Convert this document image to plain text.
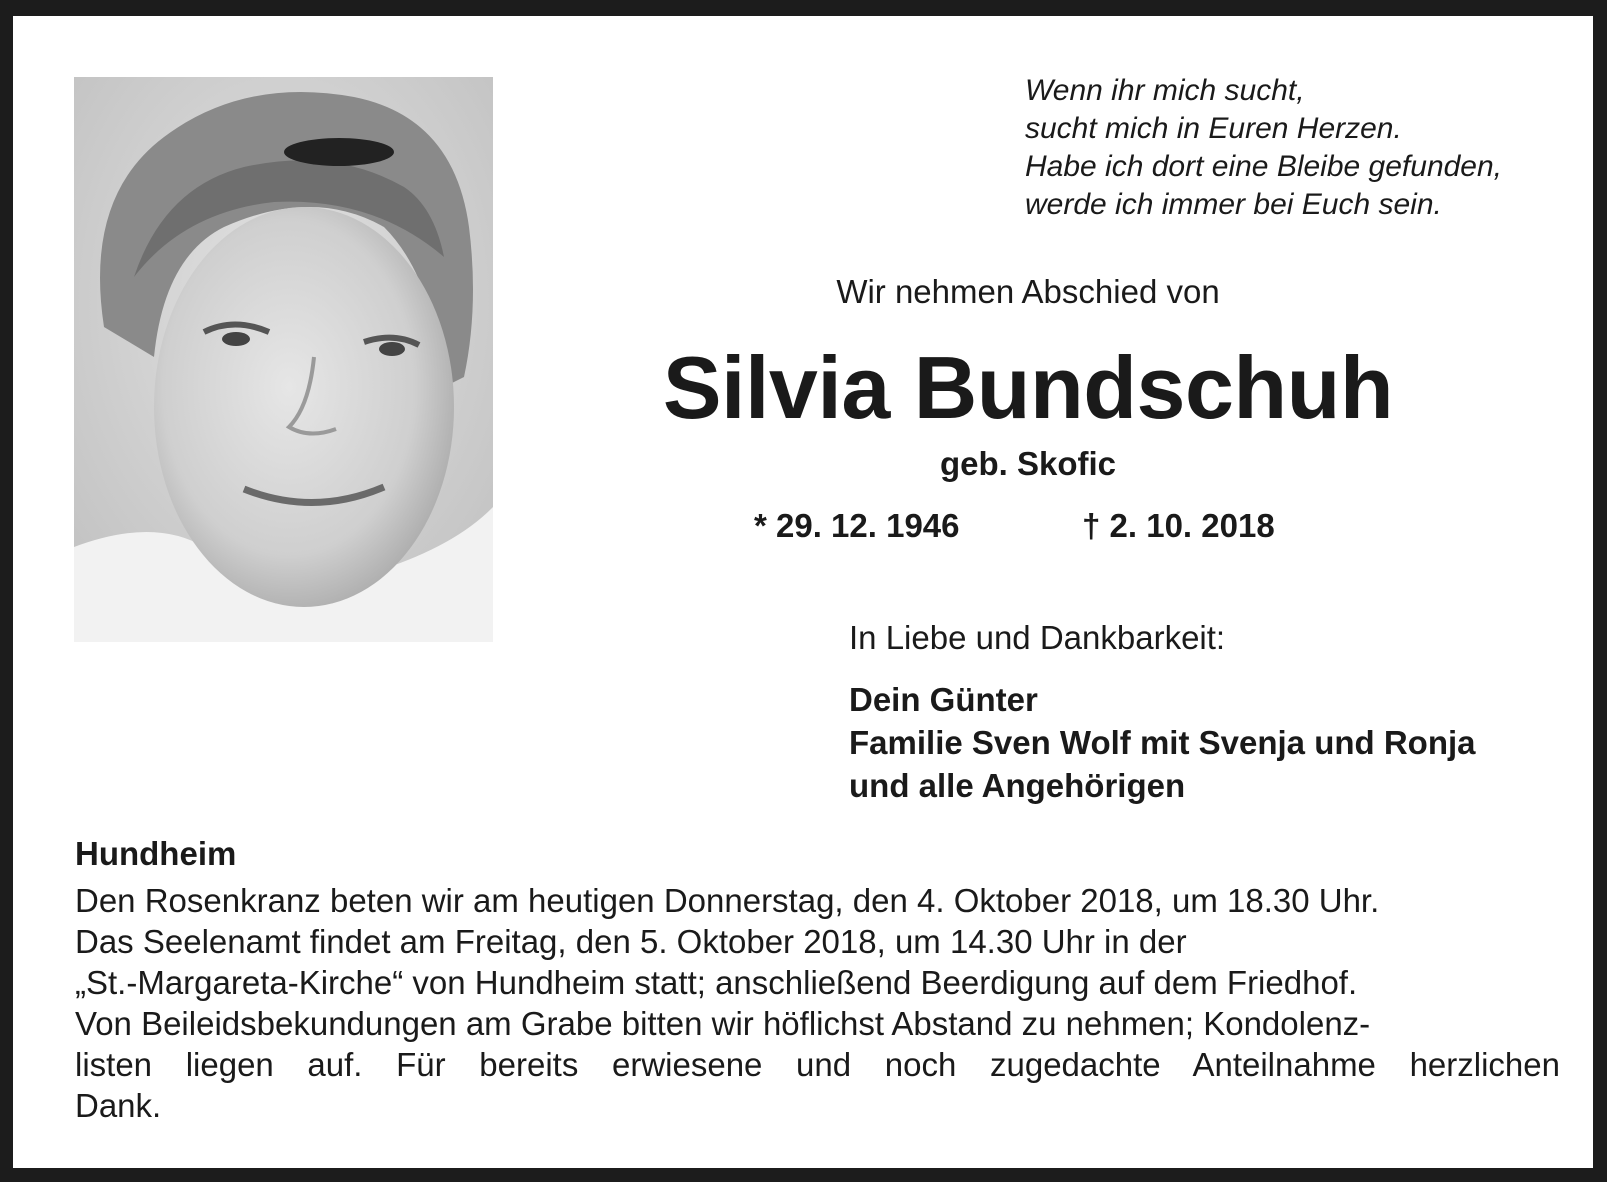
Wenn ihr mich sucht,
sucht mich in Euren Herzen.
Habe ich dort eine Bleibe gefunden,
werde ich immer bei Euch sein.
Wir nehmen Abschied von
Silvia Bundschuh
geb. Skofic
* 29. 12. 1946	† 2. 10. 2018
In Liebe und Dankbarkeit:
Dein Günter
Familie Sven Wolf mit Svenja und Ronja
und alle Angehörigen
Hundheim
Den Rosenkranz beten wir am heutigen Donnerstag, den 4. Oktober 2018, um 18.30 Uhr.
Das Seelenamt findet am Freitag, den 5. Oktober 2018, um 14.30 Uhr in der
„St.-Margareta-Kirche“ von Hundheim statt; anschließend Beerdigung auf dem Friedhof.
Von Beileidsbekundungen am Grabe bitten wir höflichst Abstand zu nehmen; Kondolenz-
listen liegen auf. Für bereits erwiesene und noch zugedachte Anteilnahme herzlichen
Dank.
